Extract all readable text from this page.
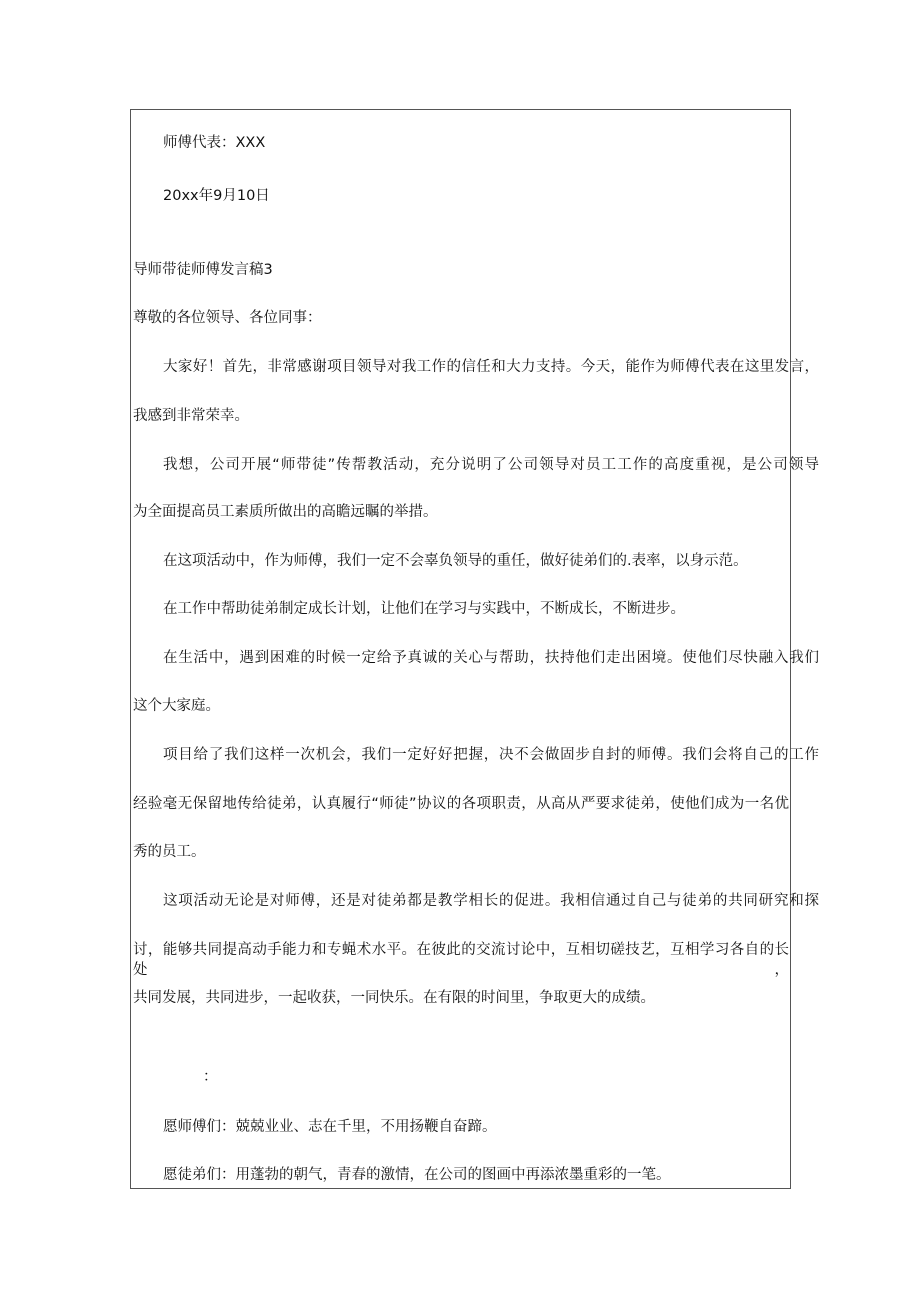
师傅代表：XXX
20xx年9月10日
导师带徒师傅发言稿3
尊敬的各位领导、各位同事：
大家好！首先，非常感谢项目领导对我工作的信任和大力支持。今天，能作为师傅代表在这里发言，
我感到非常荣幸。
我想，公司开展“师带徒”传帮教活动，充分说明了公司领导对员工工作的高度重视，是公司领导
为全面提高员工素质所做出的高瞻远瞩的举措。
在这项活动中，作为师傅，我们一定不会辜负领导的重任，做好徒弟们的.表率，以身示范。
在工作中帮助徒弟制定成长计划，让他们在学习与实践中，不断成长，不断进步。
在生活中，遇到困难的时候一定给予真诚的关心与帮助，扶持他们走出困境。使他们尽快融入我们
这个大家庭。
项目给了我们这样一次机会，我们一定好好把握，决不会做固步自封的师傅。我们会将自己的工作
经验毫无保留地传给徒弟，认真履行“师徒”协议的各项职责，从高从严要求徒弟，使他们成为一名优
秀的员工。
这项活动无论是对师傅，还是对徒弟都是教学相长的促进。我相信通过自己与徒弟的共同研究和探
讨，能够共同提高动手能力和专蝇术水平。在彼此的交流讨论中，互相切磋技艺，互相学习各自的长处，
共同发展，共同进步，一起收获，一同快乐。在有限的时间里，争取更大的成绩。
：
愿师傅们：兢兢业业、志在千里，不用扬鞭自奋蹄。
愿徒弟们：用蓬勃的朝气，青春的激情，在公司的图画中再添浓墨重彩的一笔。
